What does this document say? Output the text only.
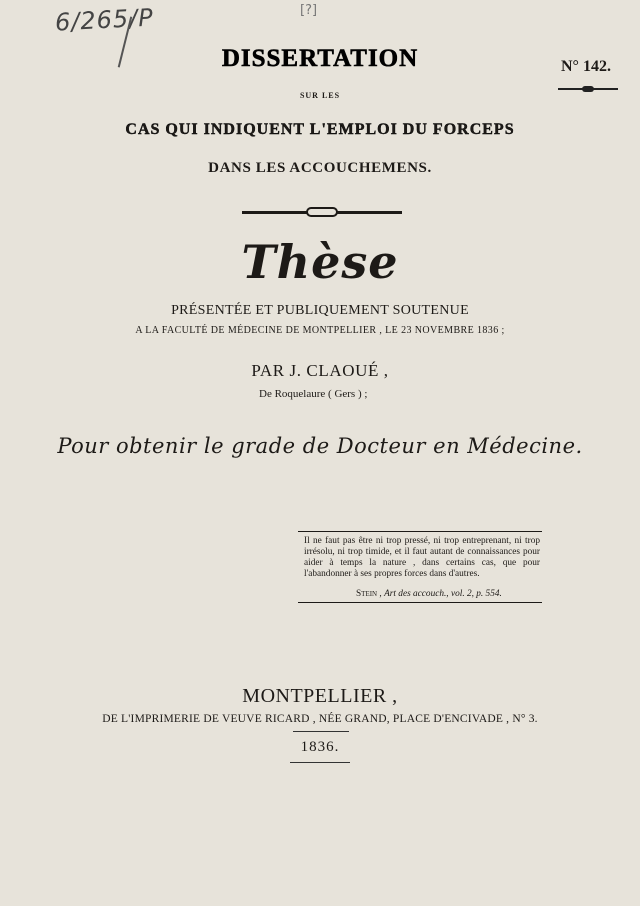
6/265/P	[?]
N° 142.
DISSERTATION
SUR LES
CAS QUI INDIQUENT L'EMPLOI DU FORCEPS
DANS LES ACCOUCHEMENS.
Thèse
PRÉSENTÉE ET PUBLIQUEMENT SOUTENUE
A LA FACULTÉ DE MÉDECINE DE MONTPELLIER , LE 23 NOVEMBRE 1836 ;
PAR J. CLAOUÉ ,
De Roquelaure ( Gers ) ;
Pour obtenir le grade de Docteur en Médecine.
Il ne faut pas être ni trop pressé, ni trop entreprenant, ni trop irrésolu, ni trop timide, et il faut autant de connaissances pour aider à temps la nature , dans certains cas, que pour l'abandonner à ses propres forces dans d'autres.
Stein , Art des accouch., vol. 2, p. 554.
MONTPELLIER ,
DE L'IMPRIMERIE DE VEUVE RICARD , NÉE GRAND, PLACE D'ENCIVADE , N° 3.
1836.
